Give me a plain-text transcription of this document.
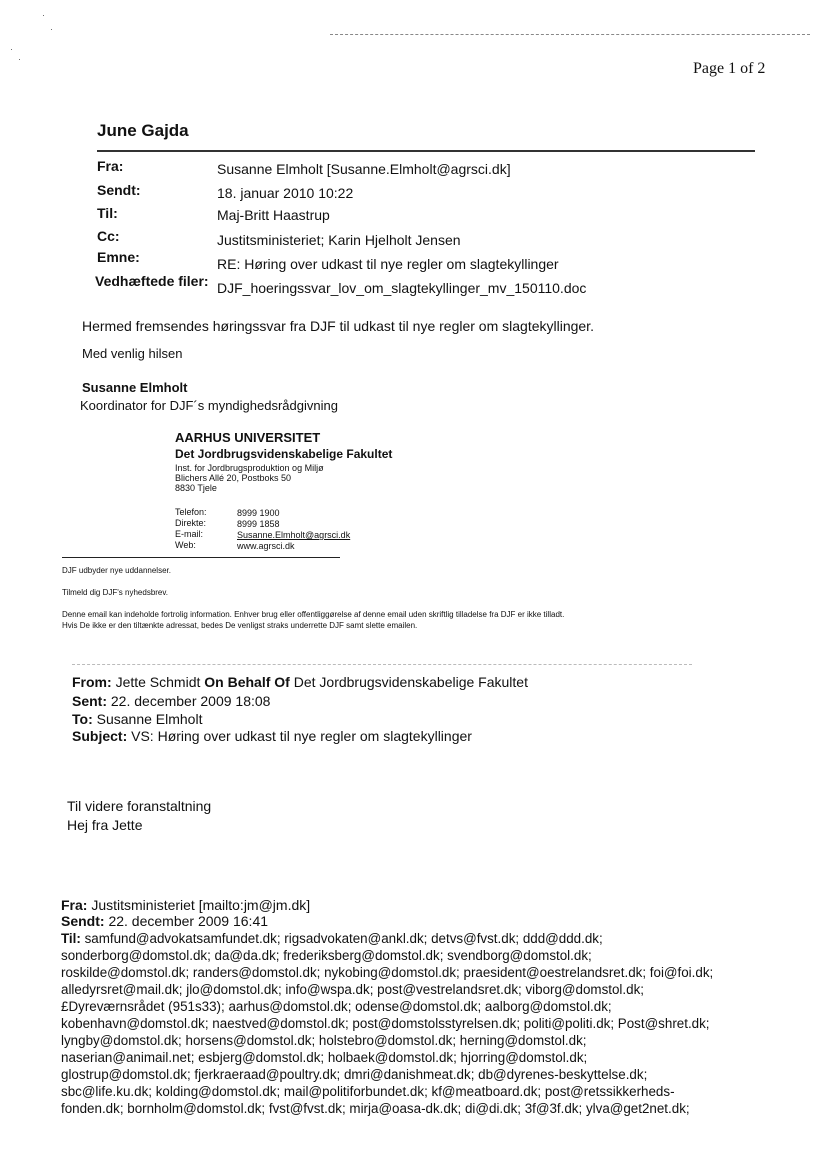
·
·
·
·
Page 1 of 2
June Gajda
Fra:	Susanne Elmholt [Susanne.Elmholt@agrsci.dk]
Sendt:	18. januar 2010 10:22
Til:	Maj-Britt Haastrup
Cc:	Justitsministeriet; Karin Hjelholt Jensen
Emne:	RE: Høring over udkast til nye regler om slagtekyllinger
Vedhæftede filer: DJF_hoeringssvar_lov_om_slagtekyllinger_mv_150110.doc
Hermed fremsendes høringssvar fra DJF til udkast til nye regler om slagtekyllinger.
Med venlig hilsen
Susanne Elmholt
Koordinator for DJF´s myndighedsrådgivning
AARHUS UNIVERSITET
Det Jordbrugsvidenskabelige Fakultet
Inst. for Jordbrugsproduktion og Miljø
Blichers Allé 20, Postboks 50
8830 Tjele
Telefon:	8999 1900
Direkte:	8999 1858
E-mail:	Susanne.Elmholt@agrsci.dk
Web:	www.agrsci.dk
DJF udbyder nye uddannelser.
Tilmeld dig DJF's nyhedsbrev.
Denne email kan indeholde fortrolig information. Enhver brug eller offentliggørelse af denne email uden skriftlig tilladelse fra DJF er ikke tilladt.
Hvis De ikke er den tiltænkte adressat, bedes De venligst straks underrette DJF samt slette emailen.
From: Jette Schmidt On Behalf Of Det Jordbrugsvidenskabelige Fakultet
Sent: 22. december 2009 18:08
To: Susanne Elmholt
Subject: VS: Høring over udkast til nye regler om slagtekyllinger
Til videre foranstaltning
Hej fra Jette
Fra: Justitsministeriet [mailto:jm@jm.dk]
Sendt: 22. december 2009 16:41
Til: samfund@advokatsamfundet.dk; rigsadvokaten@ankl.dk; detvs@fvst.dk; ddd@ddd.dk;
sonderborg@domstol.dk; da@da.dk; frederiksberg@domstol.dk; svendborg@domstol.dk;
roskilde@domstol.dk; randers@domstol.dk; nykobing@domstol.dk; praesident@oestrelandsret.dk; foi@foi.dk;
alledyrsret@mail.dk; jlo@domstol.dk; info@wspa.dk; post@vestrelandsret.dk; viborg@domstol.dk;
£Dyreværnsrådet (951s33); aarhus@domstol.dk; odense@domstol.dk; aalborg@domstol.dk;
kobenhavn@domstol.dk; naestved@domstol.dk; post@domstolsstyrelsen.dk; politi@politi.dk; Post@shret.dk;
lyngby@domstol.dk; horsens@domstol.dk; holstebro@domstol.dk; herning@domstol.dk;
naserian@animail.net; esbjerg@domstol.dk; holbaek@domstol.dk; hjorring@domstol.dk;
glostrup@domstol.dk; fjerkraeraad@poultry.dk; dmri@danishmeat.dk; db@dyrenes-beskyttelse.dk;
sbc@life.ku.dk; kolding@domstol.dk; mail@politiforbundet.dk; kf@meatboard.dk; post@retssikkerheds-
fonden.dk; bornholm@domstol.dk; fvst@fvst.dk; mirja@oasa-dk.dk; di@di.dk; 3f@3f.dk; ylva@get2net.dk;
